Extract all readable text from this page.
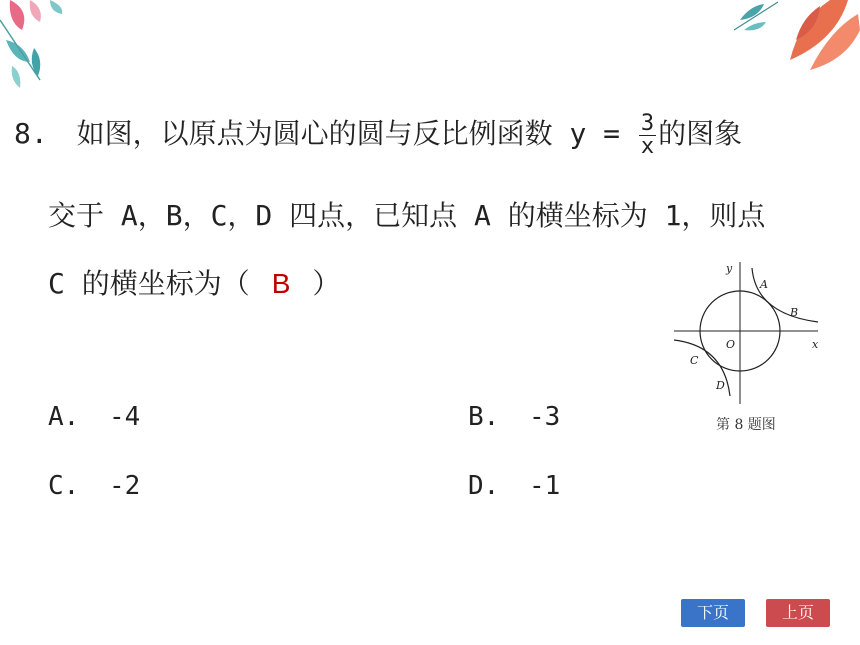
8. 如图，以原点为圆心的圆与反比例函数 $y = \frac{3}{x}$ 的图象
交于 A，B，C，D 四点，已知点 A 的横坐标为 1，则点
C 的横坐标为（ B ）
A. -4	B. -3
C. -2	D. -1
y
x
O
A
B
C
D
第 8 题图
下页	上页
